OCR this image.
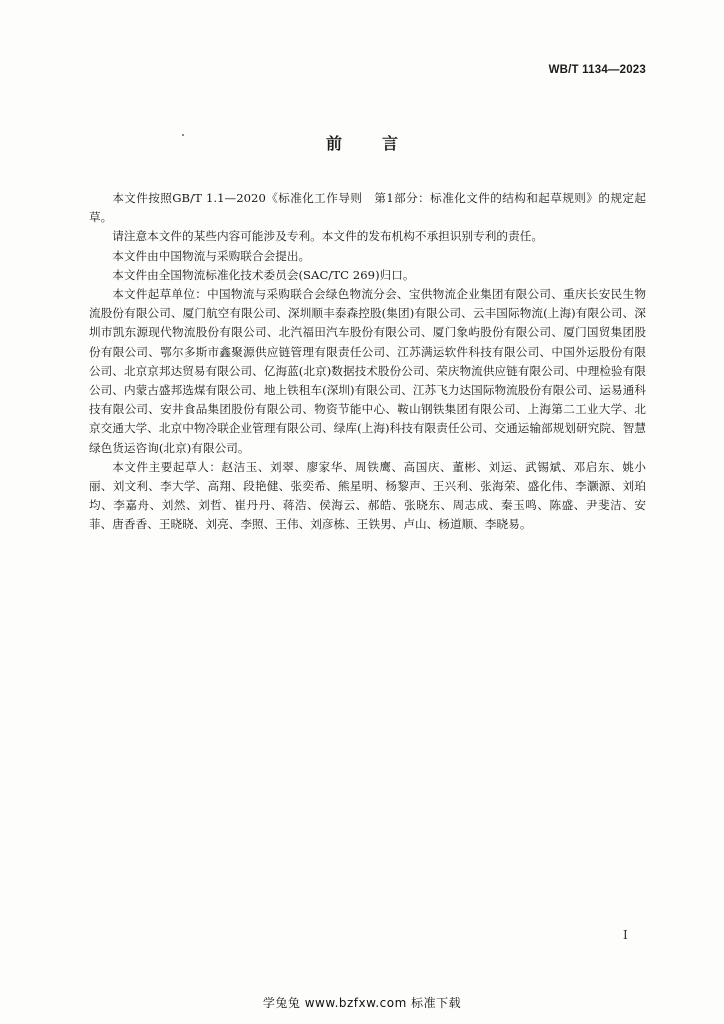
WB/T 1134—2023
前言

本文件按照GB/T 1.1—2020《标准化工作导则　第1部分：标准化文件的结构和起草规则》的规定起草。

请注意本文件的某些内容可能涉及专利。本文件的发布机构不承担识别专利的责任。

本文件由中国物流与采购联合会提出。

本文件由全国物流标准化技术委员会(SAC/TC 269)归口。

本文件起草单位：中国物流与采购联合会绿色物流分会、宝供物流企业集团有限公司、重庆长安民生物流股份有限公司、厦门航空有限公司、深圳顺丰泰森控股(集团)有限公司、云丰国际物流(上海)有限公司、深圳市凯东源现代物流股份有限公司、北汽福田汽车股份有限公司、厦门象屿股份有限公司、厦门国贸集团股份有限公司、鄂尔多斯市鑫聚源供应链管理有限责任公司、江苏满运软件科技有限公司、中国外运股份有限公司、北京京邦达贸易有限公司、亿海蓝(北京)数据技术股份公司、荣庆物流供应链有限公司、中理检验有限公司、内蒙古盛邦选煤有限公司、地上铁租车(深圳)有限公司、江苏飞力达国际物流股份有限公司、运易通科技有限公司、安井食品集团股份有限公司、物资节能中心、鞍山钢铁集团有限公司、上海第二工业大学、北京交通大学、北京中物冷联企业管理有限公司、绿库(上海)科技有限责任公司、交通运输部规划研究院、智慧绿色货运咨询(北京)有限公司。

本文件主要起草人：赵洁玉、刘翠、廖家华、周铁鹰、高国庆、董彬、刘运、武锡斌、邓启东、姚小丽、刘文利、李大学、高翔、段艳健、张奕希、熊星明、杨黎声、王兴利、张海荣、盛化伟、李灏源、刘珀均、李嘉舟、刘然、刘哲、崔丹丹、蒋浩、侯海云、郝皓、张晓东、周志成、秦玉鸣、陈盛、尹斐洁、安菲、唐香香、王晓晓、刘亮、李照、王伟、刘彦栋、王铁男、卢山、杨道顺、李晓易。

I
学兔兔 www.bzfxw.com 标准下载
